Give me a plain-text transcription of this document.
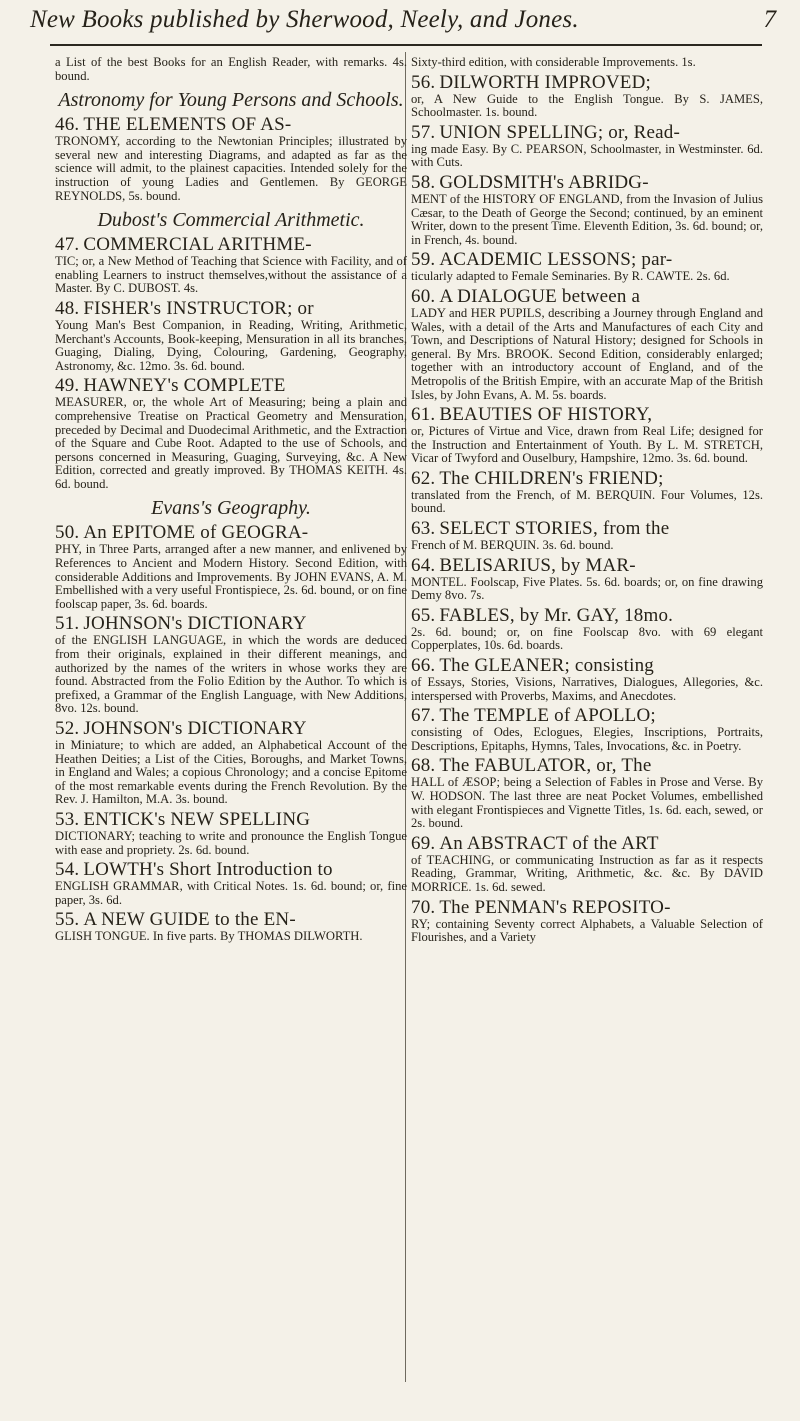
New Books published by Sherwood, Neely, and Jones.	7
a List of the best Books for an English Reader, with remarks. 4s. bound.
Astronomy for Young Persons and Schools.
46. THE ELEMENTS OF AS-
TRONOMY, according to the Newtonian Principles; illustrated by several new and interesting Diagrams, and adapted as far as the science will admit, to the plainest capacities. Intended solely for the instruction of young Ladies and Gentlemen. By GEORGE REYNOLDS, 5s. bound.
Dubost's Commercial Arithmetic.
47. COMMERCIAL ARITHME-
TIC; or, a New Method of Teaching that Science with Facility, and of enabling Learners to instruct themselves,without the assistance of a Master. By C. DUBOST. 4s.
48. FISHER's INSTRUCTOR; or
Young Man's Best Companion, in Reading, Writing, Arithmetic, Merchant's Accounts, Book-keeping, Mensuration in all its branches, Guaging, Dialing, Dying, Colouring, Gardening, Geography, Astronomy, &c. 12mo. 3s. 6d. bound.
49. HAWNEY's COMPLETE
MEASURER, or, the whole Art of Measuring; being a plain and comprehensive Treatise on Practical Geometry and Mensuration, preceded by Decimal and Duodecimal Arithmetic, and the Extraction of the Square and Cube Root. Adapted to the use of Schools, and persons concerned in Measuring, Guaging, Surveying, &c. A New Edition, corrected and greatly improved. By THOMAS KEITH. 4s. 6d. bound.
Evans's Geography.
50. An EPITOME of GEOGRA-
PHY, in Three Parts, arranged after a new manner, and enlivened by References to Ancient and Modern History. Second Edition, with considerable Additions and Improvements. By JOHN EVANS, A. M. Embellished with a very useful Frontispiece, 2s. 6d. bound, or on fine foolscap paper, 3s. 6d. boards.
51. JOHNSON's DICTIONARY
of the ENGLISH LANGUAGE, in which the words are deduced from their originals, explained in their different meanings, and authorized by the names of the writers in whose works they are found. Abstracted from the Folio Edition by the Author. To which is prefixed, a Grammar of the English Language, with New Additions, 8vo. 12s. bound.
52. JOHNSON's DICTIONARY
in Miniature; to which are added, an Alphabetical Account of the Heathen Deities; a List of the Cities, Boroughs, and Market Towns, in England and Wales; a copious Chronology; and a concise Epitome of the most remarkable events during the French Revolution. By the Rev. J. Hamilton, M.A. 3s. bound.
53. ENTICK's NEW SPELLING
DICTIONARY; teaching to write and pronounce the English Tongue with ease and propriety. 2s. 6d. bound.
54. LOWTH's Short Introduction to
ENGLISH GRAMMAR, with Critical Notes. 1s. 6d. bound; or, fine paper, 3s. 6d.
55. A NEW GUIDE to the EN-
GLISH TONGUE. In five parts. By THOMAS DILWORTH.
Sixty-third edition, with considerable Improvements. 1s.
56. DILWORTH IMPROVED;
or, A New Guide to the English Tongue. By S. JAMES, Schoolmaster. 1s. bound.
57. UNION SPELLING; or, Read-
ing made Easy. By C. PEARSON, Schoolmaster, in Westminster. 6d. with Cuts.
58. GOLDSMITH's ABRIDG-
MENT of the HISTORY OF ENGLAND, from the Invasion of Julius Cæsar, to the Death of George the Second; continued, by an eminent Writer, down to the present Time. Eleventh Edition, 3s. 6d. bound; or, in French, 4s. bound.
59. ACADEMIC LESSONS; par-
ticularly adapted to Female Seminaries. By R. CAWTE. 2s. 6d.
60. A DIALOGUE between a
LADY and HER PUPILS, describing a Journey through England and Wales, with a detail of the Arts and Manufactures of each City and Town, and Descriptions of Natural History; designed for Schools in general. By Mrs. BROOK. Second Edition, considerably enlarged; together with an introductory account of England, and of the Metropolis of the British Empire, with an accurate Map of the British Isles, by John Evans, A. M. 5s. boards.
61. BEAUTIES OF HISTORY,
or, Pictures of Virtue and Vice, drawn from Real Life; designed for the Instruction and Entertainment of Youth. By L. M. STRETCH, Vicar of Twyford and Ouselbury, Hampshire, 12mo. 3s. 6d. bound.
62. The CHILDREN's FRIEND;
translated from the French, of M. BERQUIN. Four Volumes, 12s. bound.
63. SELECT STORIES, from the
French of M. BERQUIN. 3s. 6d. bound.
64. BELISARIUS, by MAR-
MONTEL. Foolscap, Five Plates. 5s. 6d. boards; or, on fine drawing Demy 8vo. 7s.
65. FABLES, by Mr. GAY, 18mo.
2s. 6d. bound; or, on fine Foolscap 8vo. with 69 elegant Copperplates, 10s. 6d. boards.
66. The GLEANER; consisting
of Essays, Stories, Visions, Narratives, Dialogues, Allegories, &c. interspersed with Proverbs, Maxims, and Anecdotes.
67. The TEMPLE of APOLLO;
consisting of Odes, Eclogues, Elegies, Inscriptions, Portraits, Descriptions, Epitaphs, Hymns, Tales, Invocations, &c. in Poetry.
68. The FABULATOR, or, The
HALL of ÆSOP; being a Selection of Fables in Prose and Verse. By W. HODSON. The last three are neat Pocket Volumes, embellished with elegant Frontispieces and Vignette Titles, 1s. 6d. each, sewed, or 2s. bound.
69. An ABSTRACT of the ART
of TEACHING, or communicating Instruction as far as it respects Reading, Grammar, Writing, Arithmetic, &c. &c. By DAVID MORRICE. 1s. 6d. sewed.
70. The PENMAN's REPOSITO-
RY; containing Seventy correct Alphabets, a Valuable Selection of Flourishes, and a Variety
